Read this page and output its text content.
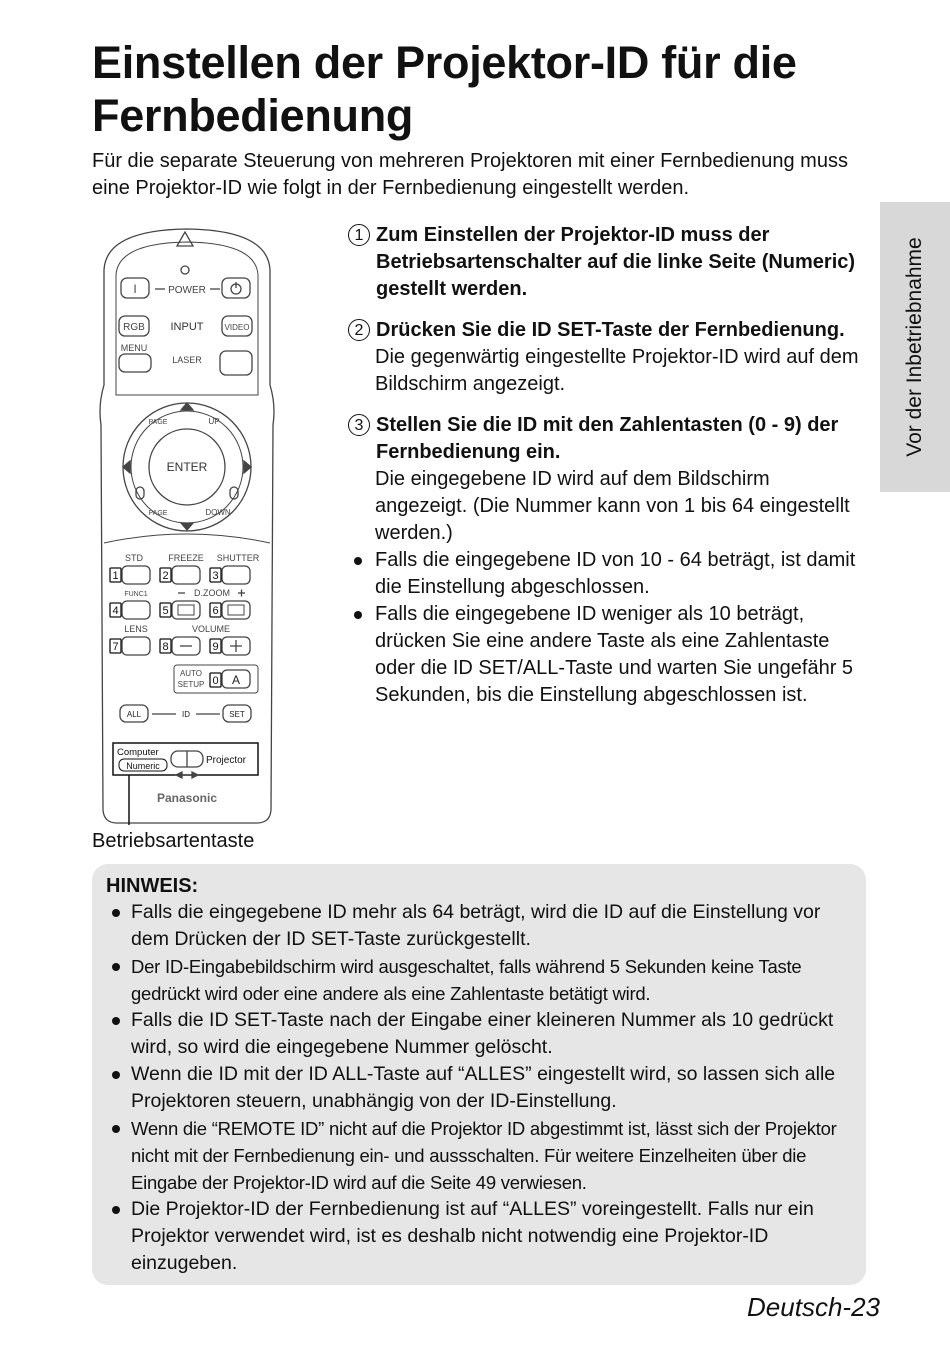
Einstellen der Projektor-ID für die Fernbedienung

Für die separate Steuerung von mehreren Projektoren mit einer Fernbedienung muss eine Projektor-ID wie folgt in der Fernbedienung eingestellt werden.

Vor der Inbetriebnahme
I	POWER
RGB INPUT	VIDEO
MENU
LASER
ENTER
PAGE	UP
PAGE	DOWN
STD	FREEZE SHUTTER
1	2	3
FUNC1	D.ZOOM
4	5	6
LENS	VOLUME
7	8	9
AUTO
SETUP 0 A
ALL	ID	SET
Computer
Numeric	Projector
Panasonic

Betriebsartentaste

1 Zum Einstellen der Projektor-ID muss der Betriebsartenschalter auf die linke Seite (Numeric) gestellt werden.
2 Drücken Sie die ID SET-Taste der Fernbedienung.
Die gegenwärtig eingestellte Projektor-ID wird auf dem Bildschirm angezeigt.
3 Stellen Sie die ID mit den Zahlentasten (0 - 9) der Fernbedienung ein.
Die eingegebene ID wird auf dem Bildschirm angezeigt. (Die Nummer kann von 1 bis 64 eingestellt werden.)
Falls die eingegebene ID von 10 - 64 beträgt, ist damit die Einstellung abgeschlossen.
Falls die eingegebene ID weniger als 10 beträgt, drücken Sie eine andere Taste als eine Zahlentaste oder die ID SET/ALL-Taste und warten Sie ungefähr 5 Sekunden, bis die Einstellung abgeschlossen ist.

HINWEIS:

Falls die eingegebene ID mehr als 64 beträgt, wird die ID auf die Einstellung vor dem Drücken der ID SET-Taste zurückgestellt.
Der ID-Eingabebildschirm wird ausgeschaltet, falls während 5 Sekunden keine Taste gedrückt wird oder eine andere als eine Zahlentaste betätigt wird.
Falls die ID SET-Taste nach der Eingabe einer kleineren Nummer als 10 gedrückt wird, so wird die eingegebene Nummer gelöscht.
Wenn die ID mit der ID ALL-Taste auf “ALLES” eingestellt wird, so lassen sich alle Projektoren steuern, unabhängig von der ID-Einstellung.
Wenn die “REMOTE ID” nicht auf die Projektor ID abgestimmt ist, lässt sich der Projektor nicht mit der Fernbedienung ein- und aussschalten. Für weitere Einzelheiten über die Eingabe der Projektor-ID wird auf die Seite 49 verwiesen.
Die Projektor-ID der Fernbedienung ist auf “ALLES” voreingestellt. Falls nur ein Projektor verwendet wird, ist es deshalb nicht notwendig eine Projektor-ID einzugeben.

Deutsch-23
